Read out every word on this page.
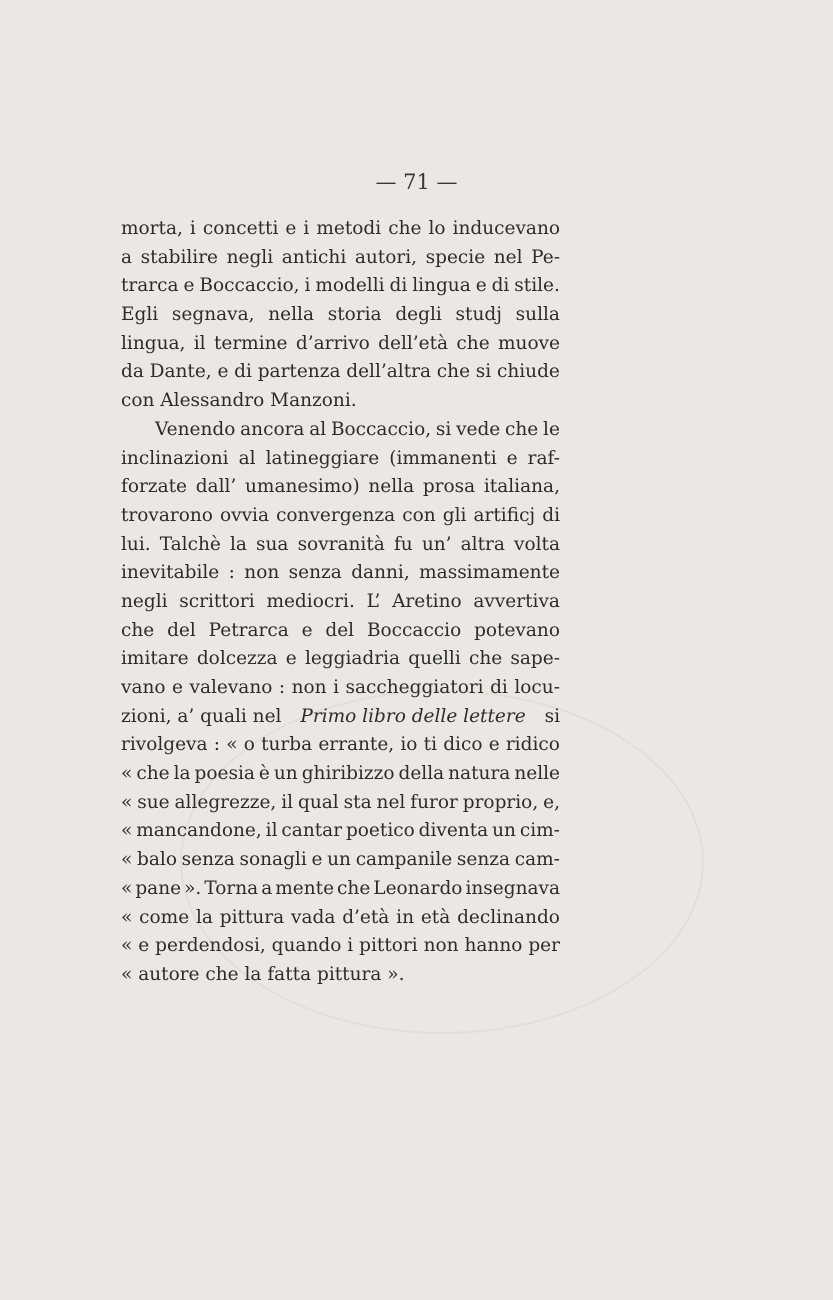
— 71 —
morta, i concetti e i metodi che lo inducevano
a stabilire negli antichi autori, specie nel Pe-
trarca e Boccaccio, i modelli di lingua e di stile.
Egli segnava, nella storia degli studj sulla
lingua, il termine d’arrivo dell’età che muove
da Dante, e di partenza dell’altra che si chiude
con Alessandro Manzoni.
Venendo ancora al Boccaccio, si vede che le
inclinazioni al latineggiare (immanenti e raf-
forzate dall’ umanesimo) nella prosa italiana,
trovarono ovvia convergenza con gli artificj di
lui. Talchè la sua sovranità fu un’ altra volta
inevitabile : non senza danni, massimamente
negli scrittori mediocri. L’ Aretino avvertiva
che del Petrarca e del Boccaccio potevano
imitare dolcezza e leggiadria quelli che sape-
vano e valevano : non i saccheggiatori di locu-
zioni, a’ quali nel Primo libro delle lettere si
rivolgeva : « o turba errante, io ti dico e ridico
« che la poesia è un ghiribizzo della natura nelle
« sue allegrezze, il qual sta nel furor proprio, e,
« mancandone, il cantar poetico diventa un cim-
« balo senza sonagli e un campanile senza cam-
« pane ». Torna a mente che Leonardo insegnava
« come la pittura vada d’età in età declinando
« e perdendosi, quando i pittori non hanno per
« autore che la fatta pittura ».
